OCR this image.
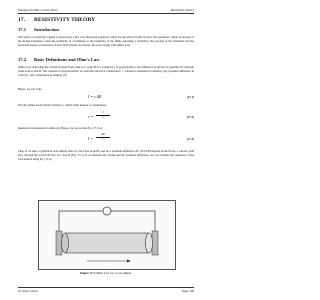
Pamphysics MSc Course Notes	Resistivity Theory
17. RESISTIVITY THEORY
17.1 Introduction
The whole of resistivity logging is based upon a few very important equations which are introduced in this section. The equations, which are known as the Archie Equations, relate the resistivity of a formation to the resistivity of the fluids saturating a formation, the porosity of the formation and the fractional degree of saturation of each fluid present. As always, the story begins with Ohm's Law.
17.2 Basic Definitions and Ohm's Law
Ohm's Law states that the current flowing from point A to point B in a conductor I is proportional to the difference in electrical potential ΔV between point A and point B. The constant of proportionality is called the electrical conductance, c. Current is measured in amperes (A), potential difference in volts (V), and conductance in siemens (S).
Hence, we can write
I = c ΔE	(17.1)
We also define an electrical resistance r, which is the inverse of conductance,
$r = \frac{1}{c}$	(17.2)
Resistance is measured in ohms (Ω). Hence, we can rewrite Eq. (17.1) as
$I = \frac{\Delta E}{r}$	(17.3)
Thus, if we take a cylindrical rock sample with two flat faces A and B, and set a potential difference ΔE =EA-EB between its end faces, a current I will flow through the rock from face A to face B (Fig. 17.1). If we measure the current and the potential difference, we can calculate the resistance of the rock sample using Eq. (17.3).
Figure 17.1 Ohm's Law for a rock sample.
Dr. Paul Glover	Page 190
